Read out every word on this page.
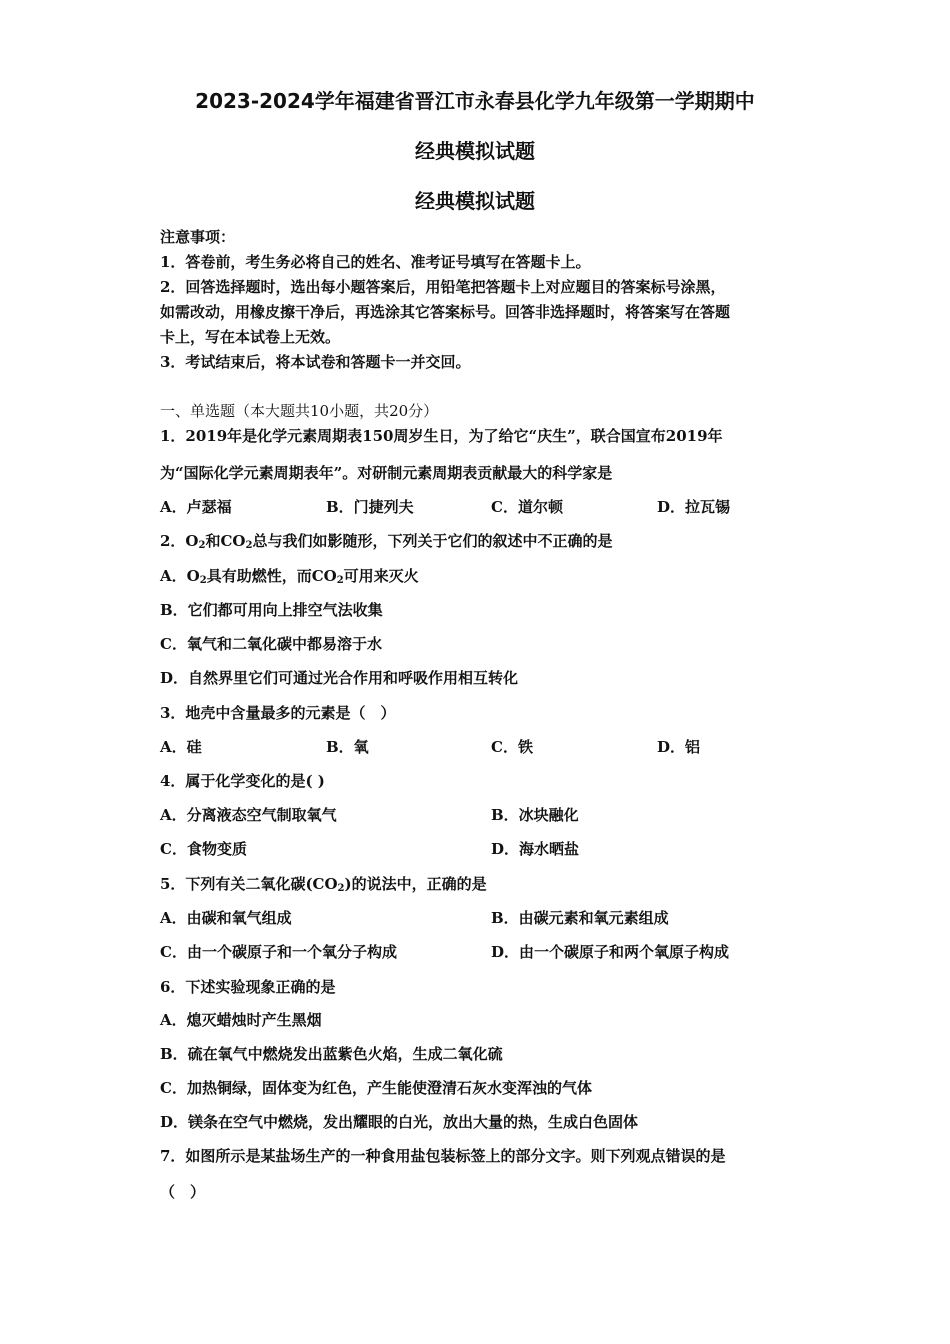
2023-2024学年福建省晋江市永春县化学九年级第一学期期中
经典模拟试题
经典模拟试题
注意事项：
1．答卷前，考生务必将自己的姓名、准考证号填写在答题卡上。
2．回答选择题时，选出每小题答案后，用铅笔把答题卡上对应题目的答案标号涂黑，
如需改动，用橡皮擦干净后，再选涂其它答案标号。回答非选择题时，将答案写在答题
卡上，写在本试卷上无效。
3．考试结束后，将本试卷和答题卡一并交回。
一、单选题（本大题共10小题，共20分）
1．2019年是化学元素周期表150周岁生日，为了给它“庆生”，联合国宣布2019年
为“国际化学元素周期表年”。对研制元素周期表贡献最大的科学家是
A．卢瑟福	B．门捷列夫	C．道尔顿	D．拉瓦锡
2．$O_2$和$CO_2$总与我们如影随形，下列关于它们的叙述中不正确的是
A．$O_2$具有助燃性，而$CO_2$可用来灭火
B．它们都可用向上排空气法收集
C．氧气和二氧化碳中都易溶于水
D．自然界里它们可通过光合作用和呼吸作用相互转化
3．地壳中含量最多的元素是（　）
A．硅	B．氧	C．铁	D．铝
4．属于化学变化的是( )
A．分离液态空气制取氧气	B．冰块融化
C．食物变质	D．海水晒盐
5．下列有关二氧化碳$(CO_2)$的说法中，正确的是
A．由碳和氧气组成	B．由碳元素和氧元素组成
C．由一个碳原子和一个氧分子构成	D．由一个碳原子和两个氧原子构成
6．下述实验现象正确的是
A．熄灭蜡烛时产生黑烟
B．硫在氧气中燃烧发出蓝紫色火焰，生成二氧化硫
C．加热铜绿，固体变为红色，产生能使澄清石灰水变浑浊的气体
D．镁条在空气中燃烧，发出耀眼的白光，放出大量的热，生成白色固体
7．如图所示是某盐场生产的一种食用盐包装标签上的部分文字。则下列观点错误的是
（　）
